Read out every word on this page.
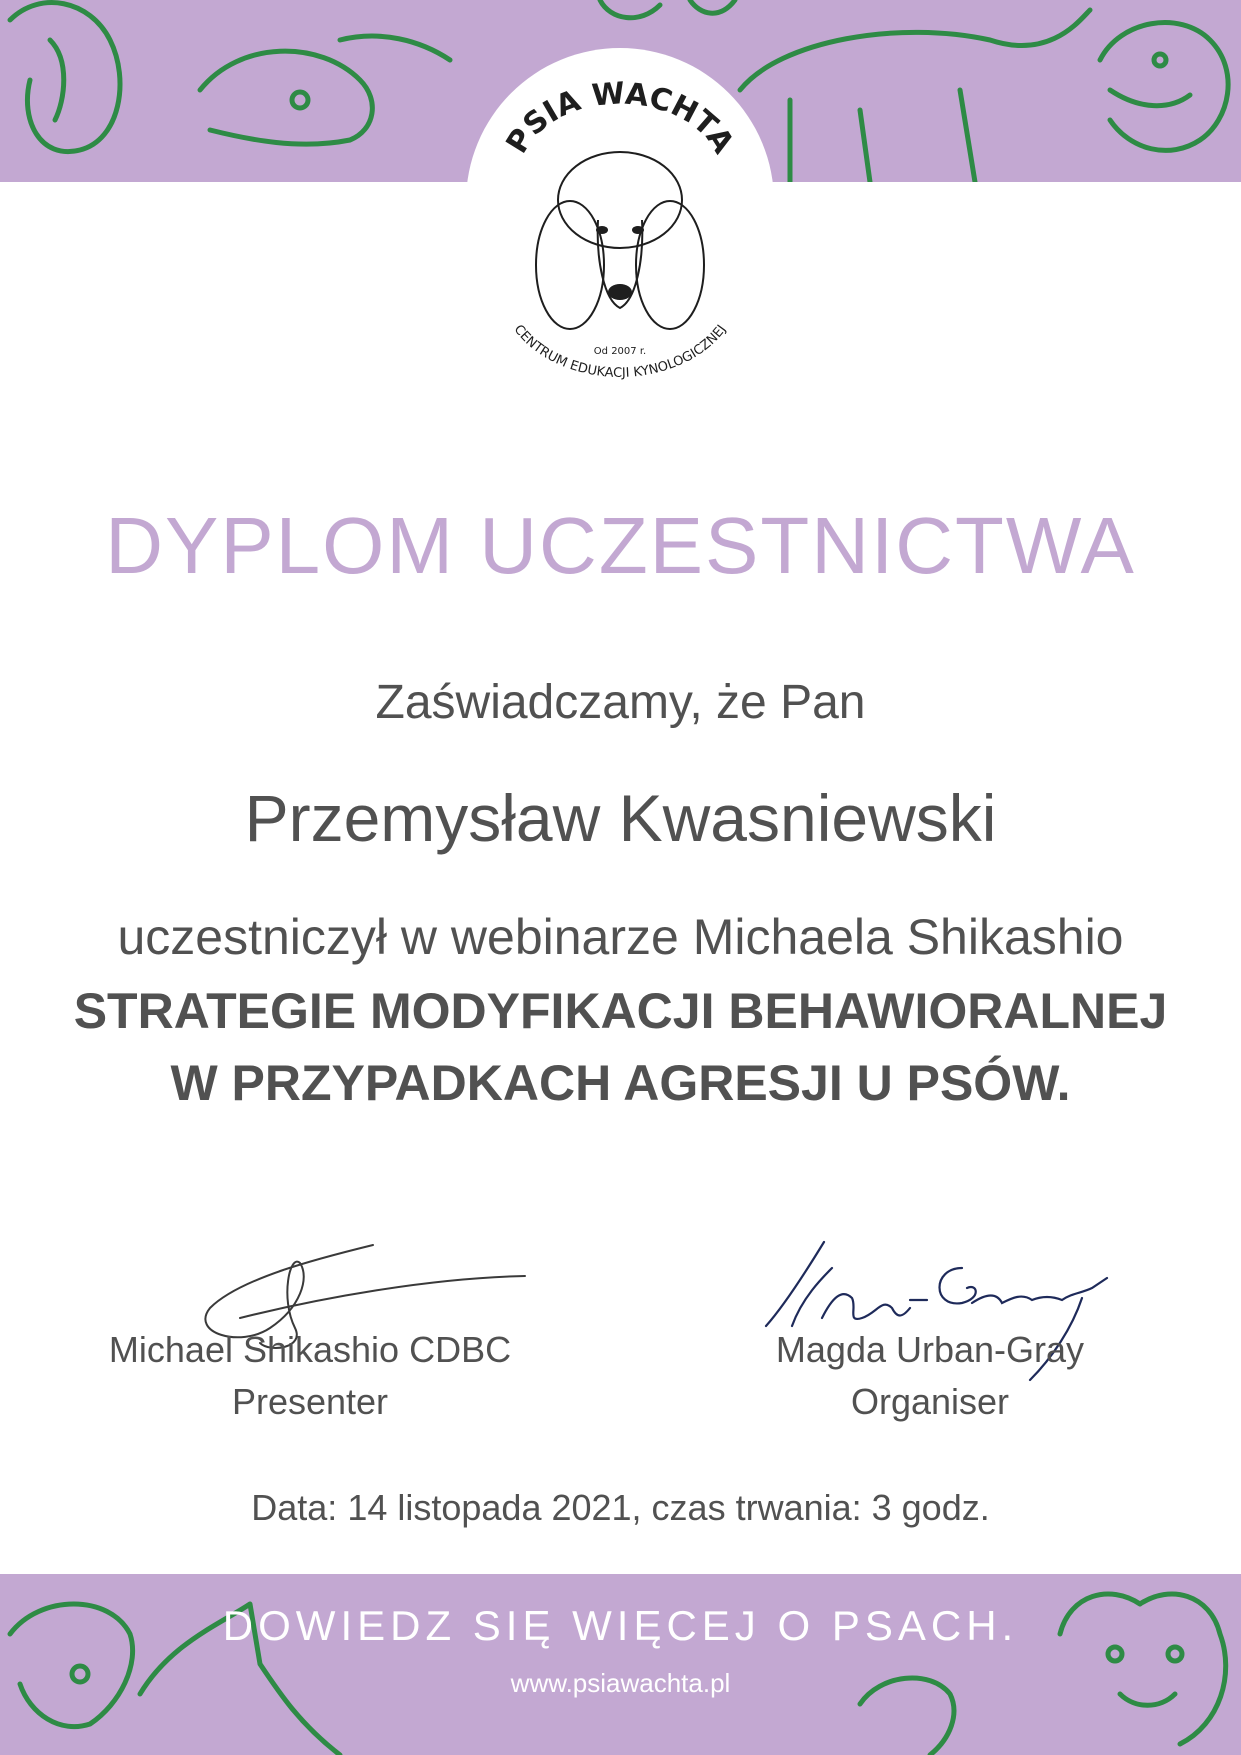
PSIA WACHTA
Od 2007 r.
CENTRUM EDUKACJI KYNOLOGICZNEJ
DYPLOM UCZESTNICTWA
Zaświadczamy, że Pan
Przemysław Kwasniewski
uczestniczył w webinarze Michaela Shikashio
STRATEGIE MODYFIKACJI BEHAWIORALNEJ
W PRZYPADKACH AGRESJI U PSÓW.
Michael Shikashio CDBC
Presenter
Magda Urban-Gray
Organiser
Data: 14 listopada 2021, czas trwania: 3 godz.
DOWIEDZ SIĘ WIĘCEJ O PSACH.
www.psiawachta.pl
